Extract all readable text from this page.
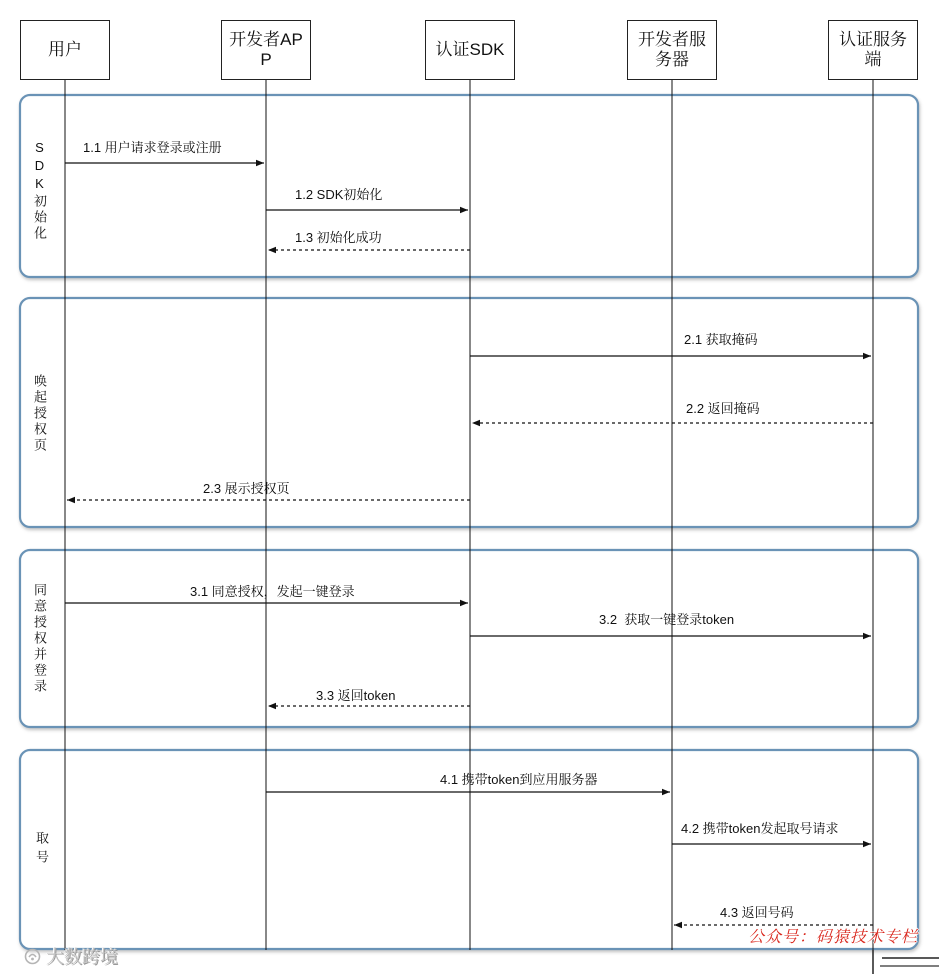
1.1 用户请求登录或注册
1.2 SDK初始化
1.3 初始化成功
2.1 获取掩码
2.2 返回掩码
2.3 展示授权页
3.1 同意授权，发起一键登录
3.2  获取一键登录token
3.3 返回token
4.1 携带token到应用服务器
4.2 携带token发起取号请求
4.3 返回号码
用户
开发者AP
P
认证SDK
开发者服
务器
认证服务
端
SDK初始化
唤起授权页
同意授权并登录
取号
公众号：码猿技术专栏
大数跨境
